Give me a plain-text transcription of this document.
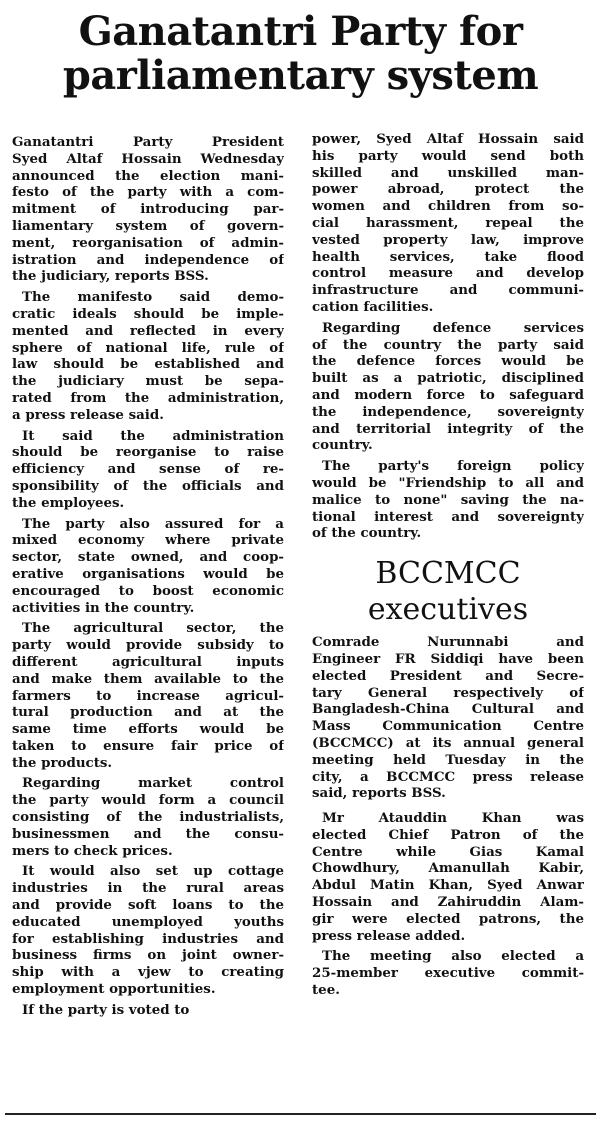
Ganatantri Party for parliamentary system
Ganatantri Party President
Syed Altaf Hossain Wednesday
announced the election mani-
festo of the party with a com-
mitment of introducing par-
liamentary system of govern-
ment, reorganisation of admin-
istration and independence of
the judiciary, reports BSS.
The manifesto said demo-
cratic ideals should be imple-
mented and reflected in every
sphere of national life, rule of
law should be established and
the judiciary must be sepa-
rated from the administration,
a press release said.
It said the administration
should be reorganise to raise
efficiency and sense of re-
sponsibility of the officials and
the employees.
The party also assured for a
mixed economy where private
sector, state owned, and coop-
erative organisations would be
encouraged to boost economic
activities in the country.
The agricultural sector, the
party would provide subsidy to
different agricultural inputs
and make them available to the
farmers to increase agricul-
tural production and at the
same time efforts would be
taken to ensure fair price of
the products.
Regarding market control
the party would form a council
consisting of the industrialists,
businessmen and the consu-
mers to check prices.
It would also set up cottage
industries in the rural areas
and provide soft loans to the
educated unemployed youths
for establishing industries and
business firms on joint owner-
ship with a vjew to creating
employment opportunities.
If the party is voted to
power, Syed Altaf Hossain said
his party would send both
skilled and unskilled man-
power abroad, protect the
women and children from so-
cial harassment, repeal the
vested property law, improve
health services, take flood
control measure and develop
infrastructure and communi-
cation facilities.
Regarding defence services
of the country the party said
the defence forces would be
built as a patriotic, disciplined
and modern force to safeguard
the independence, sovereignty
and territorial integrity of the
country.
The party's foreign policy
would be "Friendship to all and
malice to none" saving the na-
tional interest and sovereignty
of the country.
BCCMCC executives
Comrade Nurunnabi and
Engineer FR Siddiqi have been
elected President and Secre-
tary General respectively of
Bangladesh-China Cultural and
Mass Communication Centre
(BCCMCC) at its annual general
meeting held Tuesday in the
city, a BCCMCC press release
said, reports BSS.
Mr Atauddin Khan was
elected Chief Patron of the
Centre while Gias Kamal
Chowdhury, Amanullah Kabir,
Abdul Matin Khan, Syed Anwar
Hossain and Zahiruddin Alam-
gir were elected patrons, the
press release added.
The meeting also elected a
25-member executive commit-
tee.
